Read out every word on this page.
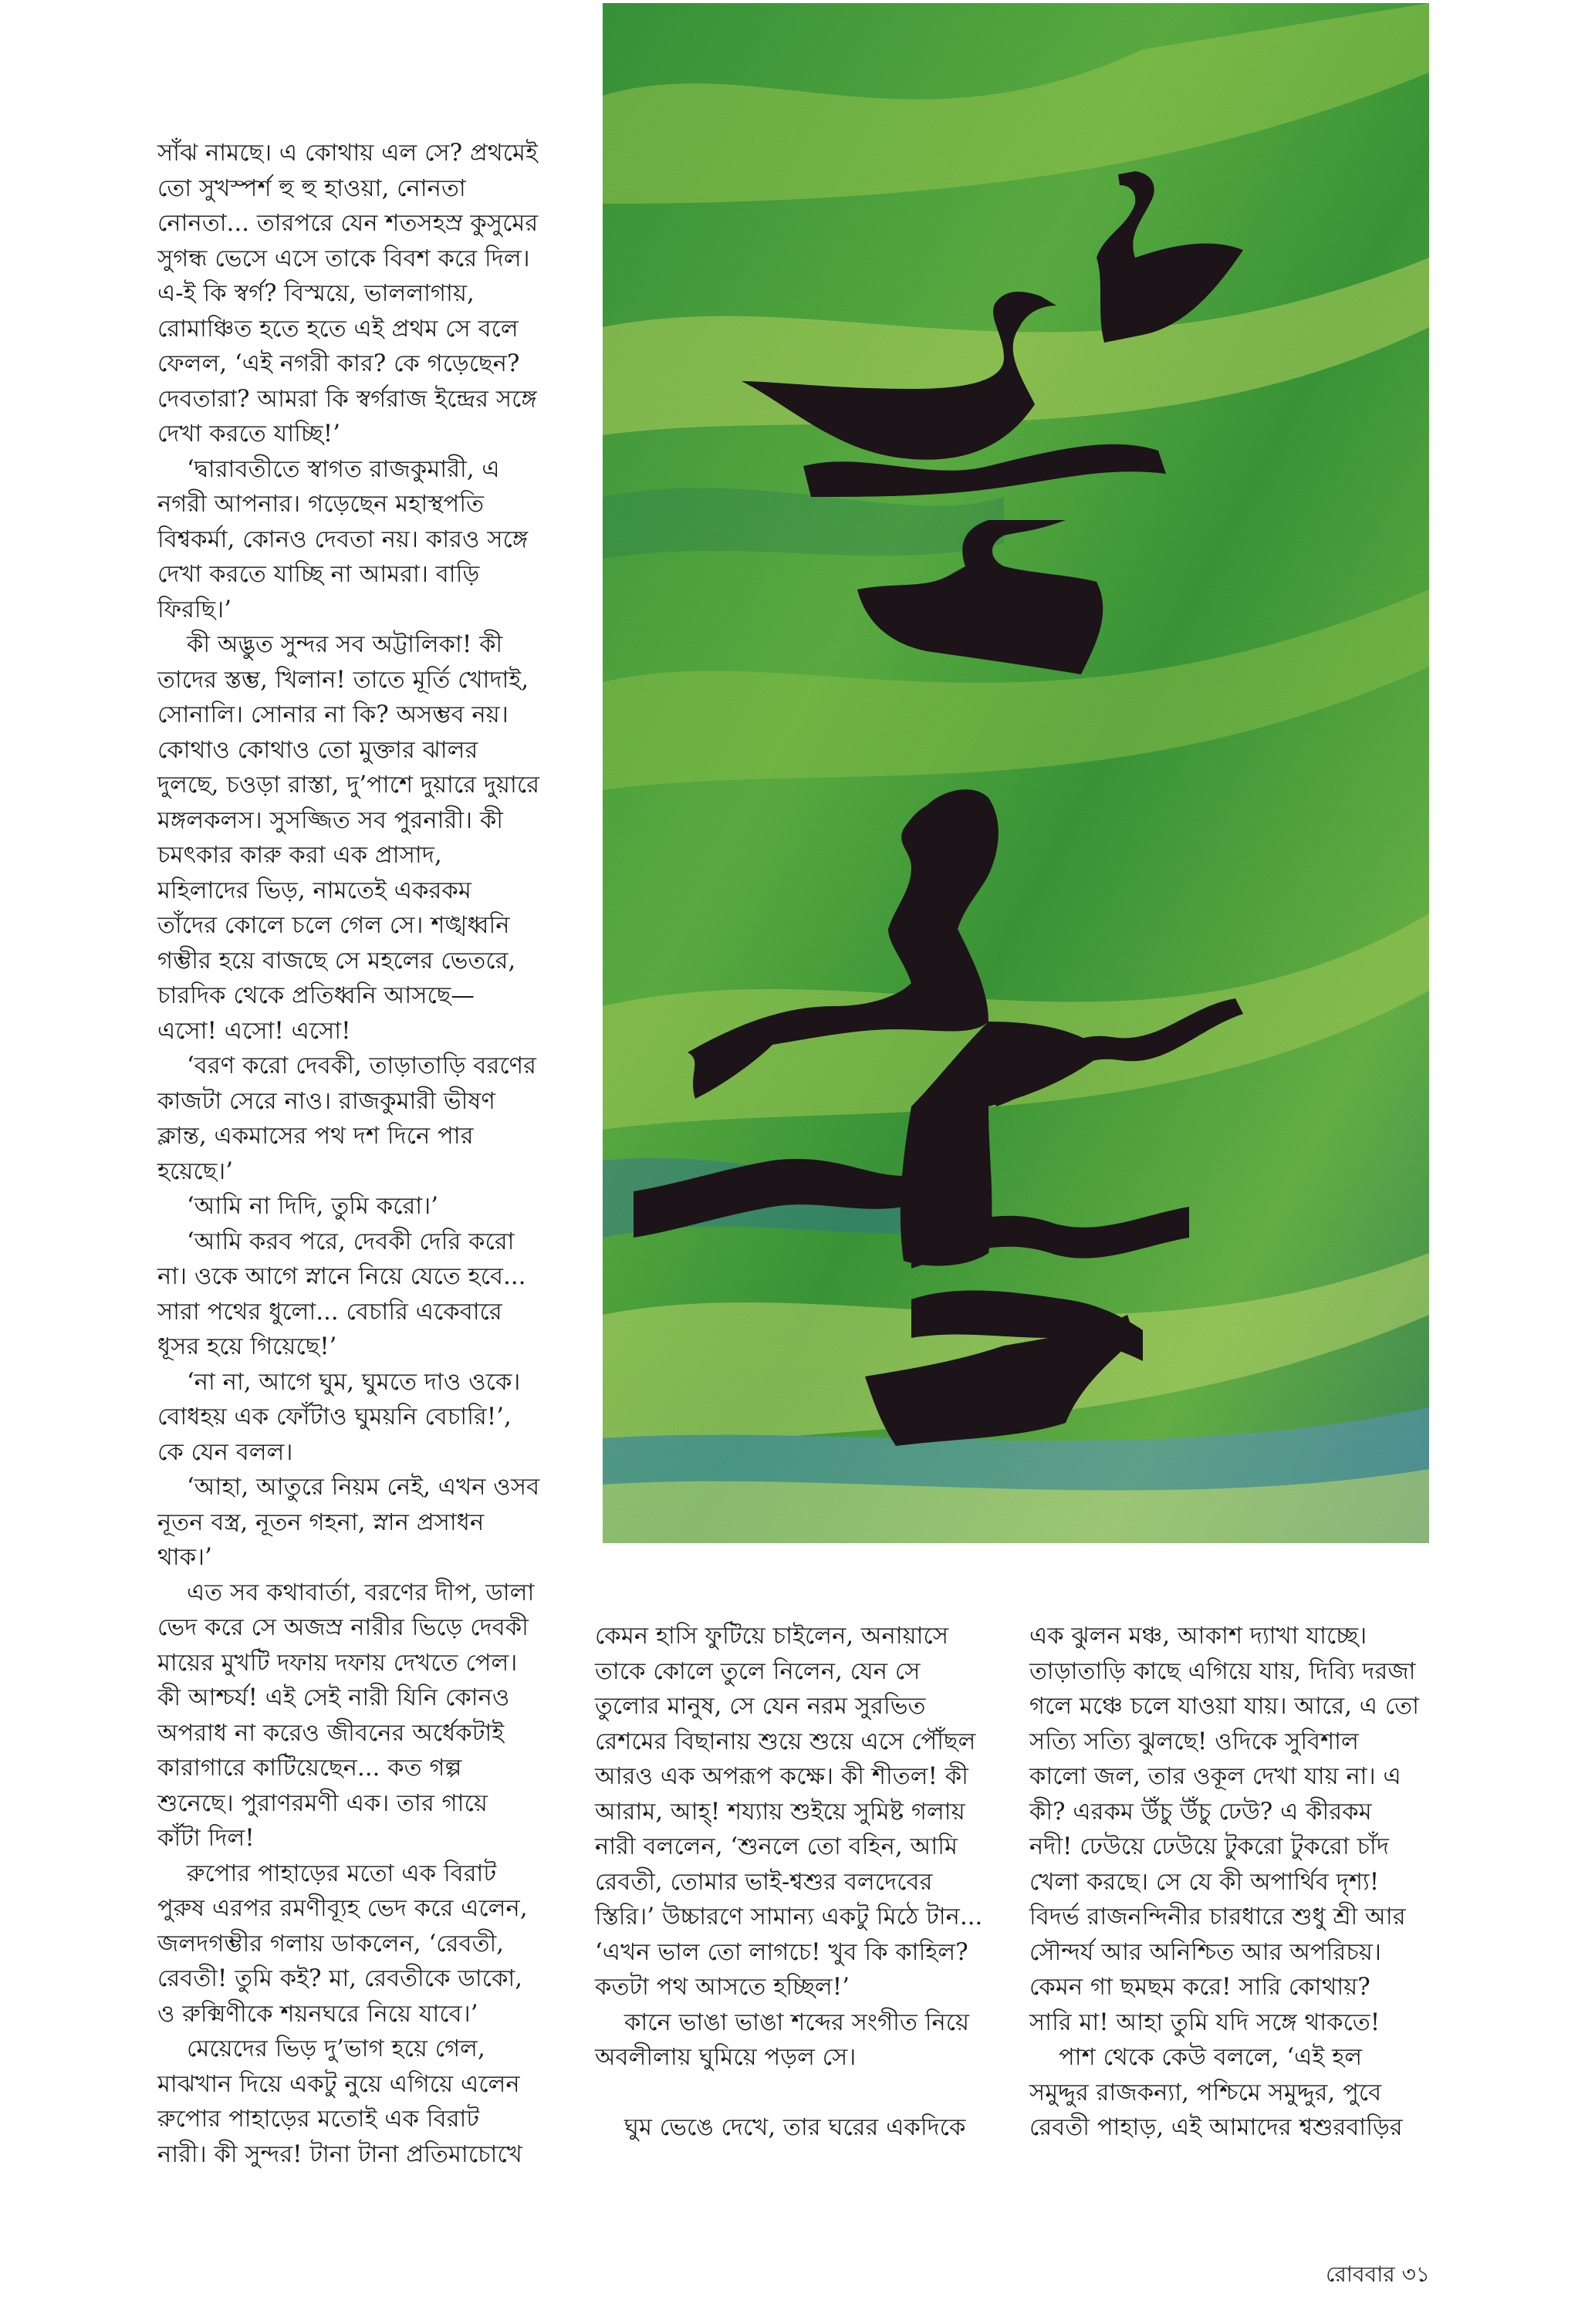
সাঁঝ নামছে। এ কোথায় এল সে? প্রথমেই

তো সুখস্পর্শ হু হু হাওয়া, নোনতা

নোনতা... তারপরে যেন শতসহস্র কুসুমের

সুগন্ধ ভেসে এসে তাকে বিবশ করে দিল।

এ-ই কি স্বর্গ? বিস্ময়ে, ভাললাগায়,

রোমাঞ্চিত হতে হতে এই প্রথম সে বলে

ফেলল, ‘এই নগরী কার? কে গড়েছেন?

দেবতারা? আমরা কি স্বর্গরাজ ইন্দ্রের সঙ্গে

দেখা করতে যাচ্ছি!’

‘দ্বারাবতীতে স্বাগত রাজকুমারী, এ

নগরী আপনার। গড়েছেন মহাস্থপতি

বিশ্বকর্মা, কোনও দেবতা নয়। কারও সঙ্গে

দেখা করতে যাচ্ছি না আমরা। বাড়ি

ফিরছি।’

কী অদ্ভুত সুন্দর সব অট্টালিকা! কী

তাদের স্তম্ভ, খিলান! তাতে মূর্তি খোদাই,

সোনালি। সোনার না কি? অসম্ভব নয়।

কোথাও কোথাও তো মুক্তার ঝালর

দুলছে, চওড়া রাস্তা, দু’পাশে দুয়ারে দুয়ারে

মঙ্গলকলস। সুসজ্জিত সব পুরনারী। কী

চমৎকার কারু করা এক প্রাসাদ,

মহিলাদের ভিড়, নামতেই একরকম

তাঁদের কোলে চলে গেল সে। শঙ্খধ্বনি

গম্ভীর হয়ে বাজছে সে মহলের ভেতরে,

চারদিক থেকে প্রতিধ্বনি আসছে—

এসো! এসো! এসো!

‘বরণ করো দেবকী, তাড়াতাড়ি বরণের

কাজটা সেরে নাও। রাজকুমারী ভীষণ

ক্লান্ত, একমাসের পথ দশ দিনে পার

হয়েছে।’

‘আমি না দিদি, তুমি করো।’

‘আমি করব পরে, দেবকী দেরি করো

না। ওকে আগে স্নানে নিয়ে যেতে হবে...

সারা পথের ধুলো... বেচারি একেবারে

ধূসর হয়ে গিয়েছে!’

‘না না, আগে ঘুম, ঘুমতে দাও ওকে।

বোধহয় এক ফোঁটাও ঘুময়নি বেচারি!’,

কে যেন বলল।

‘আহা, আতুরে নিয়ম নেই, এখন ওসব

নূতন বস্ত্র, নূতন গহনা, স্নান প্রসাধন

থাক।’

এত সব কথাবার্তা, বরণের দীপ, ডালা

ভেদ করে সে অজস্র নারীর ভিড়ে দেবকী

মায়ের মুখটি দফায় দফায় দেখতে পেল।

কী আশ্চর্য! এই সেই নারী যিনি কোনও

অপরাধ না করেও জীবনের অর্ধেকটাই

কারাগারে কাটিয়েছেন... কত গল্প

শুনেছে। পুরাণরমণী এক। তার গায়ে

কাঁটা দিল!

রুপোর পাহাড়ের মতো এক বিরাট

পুরুষ এরপর রমণীব্যূহ ভেদ করে এলেন,

জলদগম্ভীর গলায় ডাকলেন, ‘রেবতী,

রেবতী! তুমি কই? মা, রেবতীকে ডাকো,

ও রুক্মিণীকে শয়নঘরে নিয়ে যাবে।’

মেয়েদের ভিড় দু’ভাগ হয়ে গেল,

মাঝখান দিয়ে একটু নুয়ে এগিয়ে এলেন

রুপোর পাহাড়ের মতোই এক বিরাট

নারী। কী সুন্দর! টানা টানা প্রতিমাচোখে

কেমন হাসি ফুটিয়ে চাইলেন, অনায়াসে

তাকে কোলে তুলে নিলেন, যেন সে

তুলোর মানুষ, সে যেন নরম সুরভিত

রেশমের বিছানায় শুয়ে শুয়ে এসে পৌঁছল

আরও এক অপরূপ কক্ষে। কী শীতল! কী

আরাম, আহ্‌! শয্যায় শুইয়ে সুমিষ্ট গলায়

নারী বললেন, ‘শুনলে তো বহিন, আমি

রেবতী, তোমার ভাই-শ্বশুর বলদেবের

স্তিরি।’ উচ্চারণে সামান্য একটু মিঠে টান...

‘এখন ভাল তো লাগচে! খুব কি কাহিল?

কতটা পথ আসতে হচ্ছিল!’

কানে ভাঙা ভাঙা শব্দের সংগীত নিয়ে

অবলীলায় ঘুমিয়ে পড়ল সে।

ঘুম ভেঙে দেখে, তার ঘরের একদিকে

এক ঝুলন মঞ্চ, আকাশ দ্যাখা যাচ্ছে।

তাড়াতাড়ি কাছে এগিয়ে যায়, দিব্যি দরজা

গলে মঞ্চে চলে যাওয়া যায়। আরে, এ তো

সত্যি সত্যি ঝুলছে! ওদিকে সুবিশাল

কালো জল, তার ওকূল দেখা যায় না। এ

কী? এরকম উঁচু উঁচু ঢেউ? এ কীরকম

নদী! ঢেউয়ে ঢেউয়ে টুকরো টুকরো চাঁদ

খেলা করছে। সে যে কী অপার্থিব দৃশ্য!

বিদর্ভ রাজনন্দিনীর চারধারে শুধু শ্রী আর

সৌন্দর্য আর অনিশ্চিত আর অপরিচয়।

কেমন গা ছমছম করে! সারি কোথায়?

সারি মা! আহা তুমি যদি সঙ্গে থাকতে!

পাশ থেকে কেউ বললে, ‘এই হল

সমুদ্দুর রাজকন্যা, পশ্চিমে সমুদ্দুর, পুবে

রেবতী পাহাড়, এই আমাদের শ্বশুরবাড়ির

রোববার ৩১
